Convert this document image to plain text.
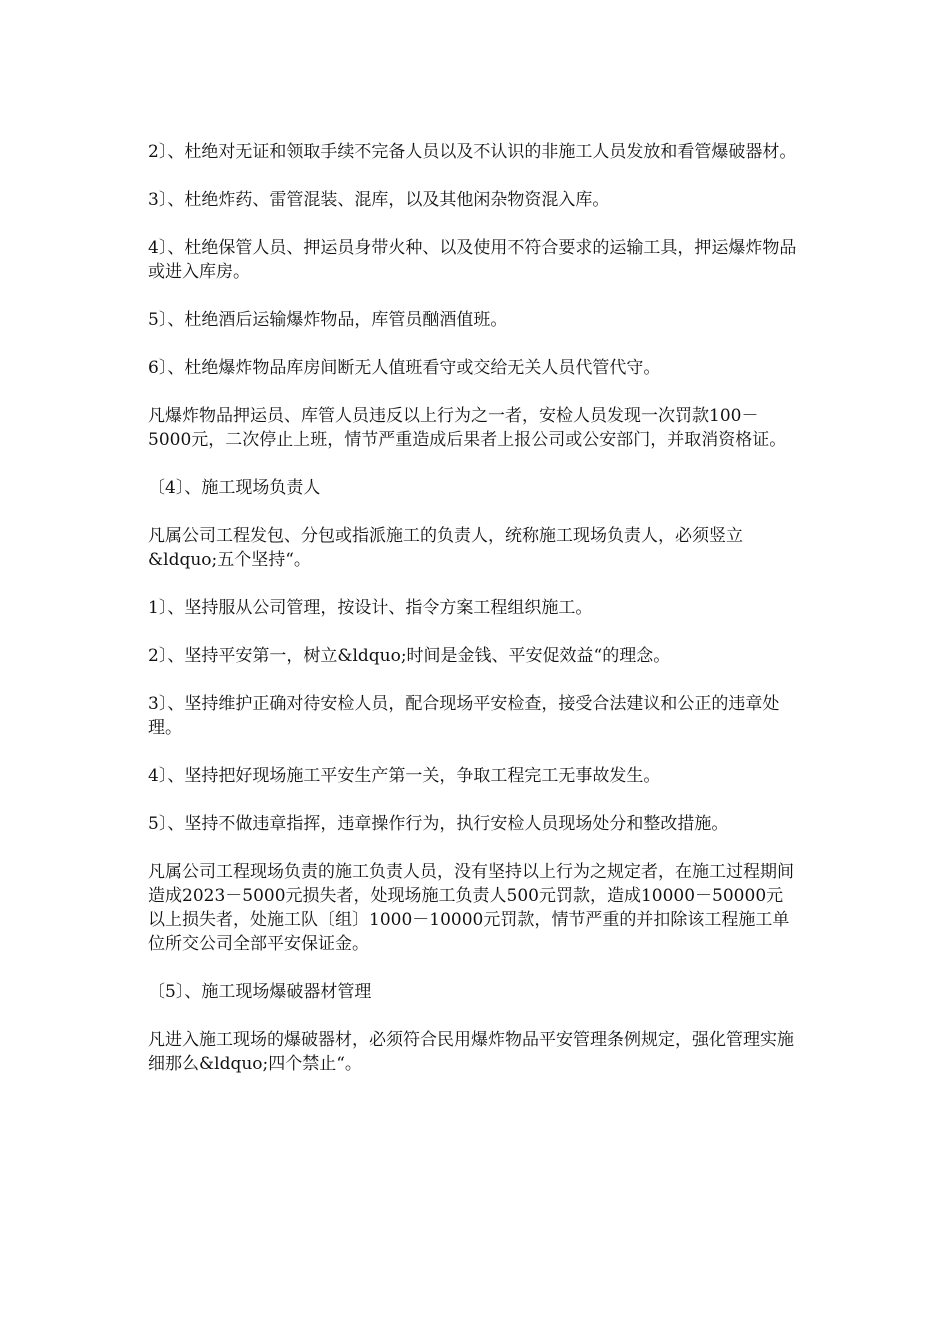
2〕、杜绝对无证和领取手续不完备人员以及不认识的非施工人员发放和看管爆破器材。

3〕、杜绝炸药、雷管混装、混库，以及其他闲杂物资混入库。

4〕、杜绝保管人员、押运员身带火种、以及使用不符合要求的运输工具，押运爆炸物品或进入库房。

5〕、杜绝酒后运输爆炸物品，库管员酗酒值班。

6〕、杜绝爆炸物品库房间断无人值班看守或交给无关人员代管代守。

凡爆炸物品押运员、库管人员违反以上行为之一者，安检人员发现一次罚款100－5000元，二次停止上班，情节严重造成后果者上报公司或公安部门，并取消资格证。

〔4〕、施工现场负责人

凡属公司工程发包、分包或指派施工的负责人，统称施工现场负责人，必须竖立&ldquo;五个坚持“。

1〕、坚持服从公司管理，按设计、指令方案工程组织施工。

2〕、坚持平安第一，树立&ldquo;时间是金钱、平安促效益“的理念。

3〕、坚持维护正确对待安检人员，配合现场平安检查，接受合法建议和公正的违章处理。

4〕、坚持把好现场施工平安生产第一关，争取工程完工无事故发生。

5〕、坚持不做违章指挥，违章操作行为，执行安检人员现场处分和整改措施。

凡属公司工程现场负责的施工负责人员，没有坚持以上行为之规定者，在施工过程期间造成2023－5000元损失者，处现场施工负责人500元罚款，造成10000－50000元以上损失者，处施工队〔组〕1000－10000元罚款，情节严重的并扣除该工程施工单位所交公司全部平安保证金。

〔5〕、施工现场爆破器材管理

凡进入施工现场的爆破器材，必须符合民用爆炸物品平安管理条例规定，强化管理实施细那么&ldquo;四个禁止“。
